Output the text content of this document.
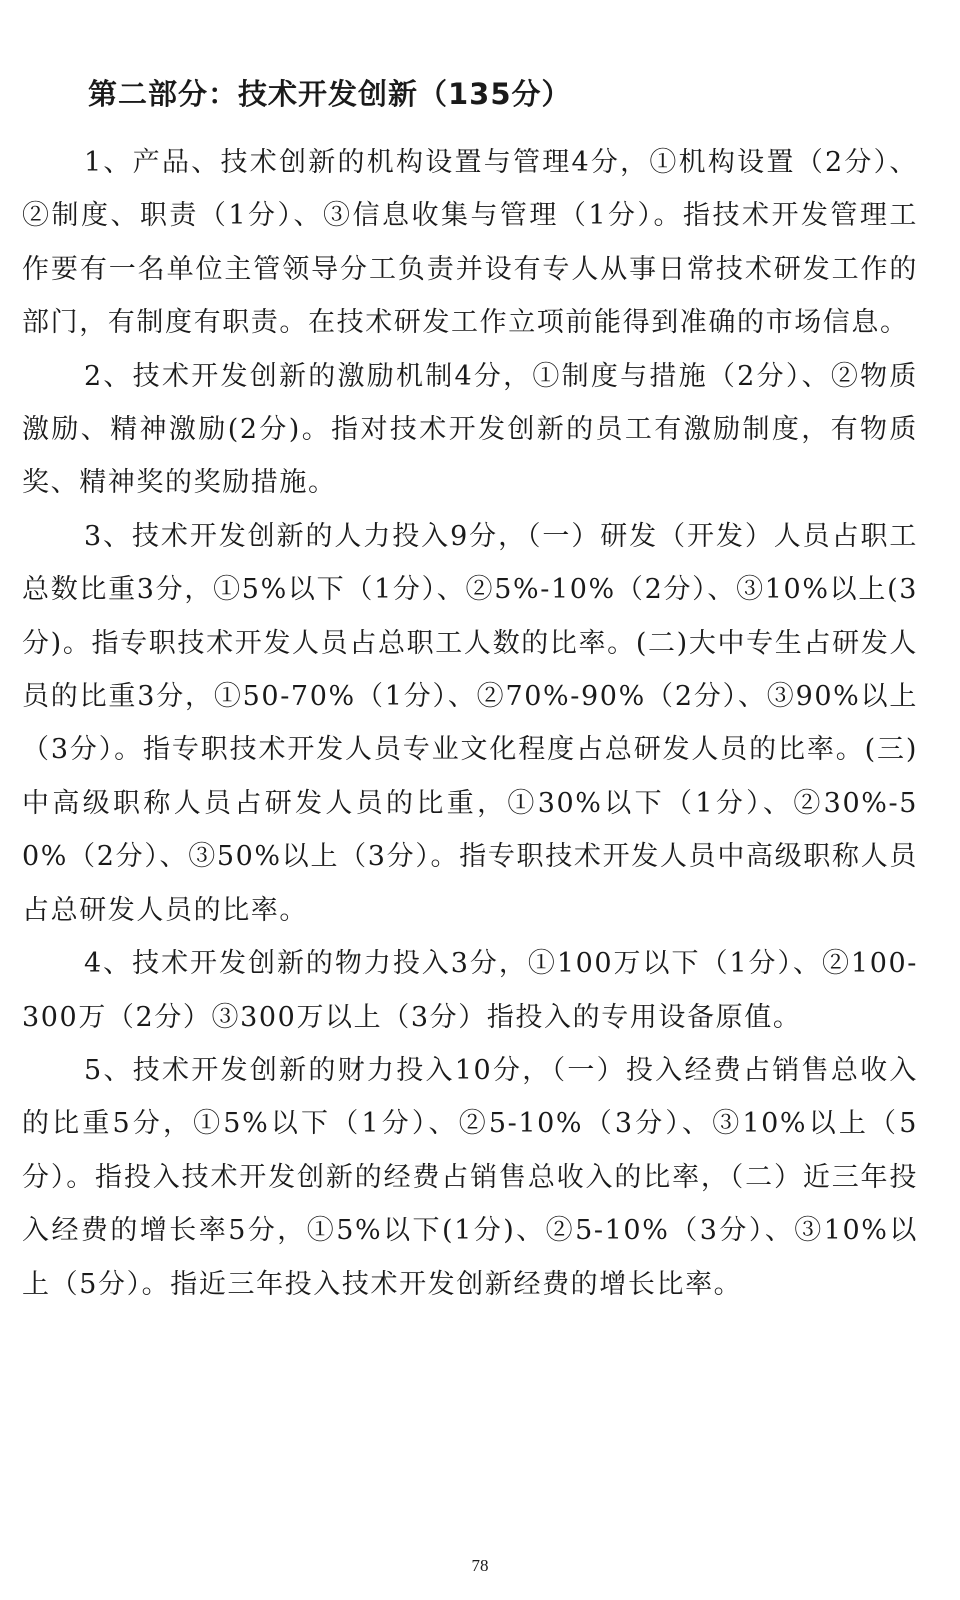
第二部分：技术开发创新（135分）

1、产品、技术创新的机构设置与管理4分，①机构设置（2分）、②制度、职责（1分）、③信息收集与管理（1分）。指技术开发管理工作要有一名单位主管领导分工负责并设有专人从事日常技术研发工作的部门，有制度有职责。在技术研发工作立项前能得到准确的市场信息。

2、技术开发创新的激励机制4分，①制度与措施（2分）、②物质激励、精神激励(2分)。指对技术开发创新的员工有激励制度，有物质奖、精神奖的奖励措施。

3、技术开发创新的人力投入9分，（一）研发（开发）人员占职工总数比重3分，①5%以下（1分）、②5%-10%（2分）、③10%以上(3分)。指专职技术开发人员占总职工人数的比率。(二)大中专生占研发人员的比重3分，①50-70%（1分）、②70%-90%（2分）、③90%以上（3分）。指专职技术开发人员专业文化程度占总研发人员的比率。(三)中高级职称人员占研发人员的比重，①30%以下（1分）、②30%-50%（2分）、③50%以上（3分）。指专职技术开发人员中高级职称人员占总研发人员的比率。

4、技术开发创新的物力投入3分，①100万以下（1分）、②100-300万（2分）③300万以上（3分）指投入的专用设备原值。

5、技术开发创新的财力投入10分，（一）投入经费占销售总收入的比重5分，①5%以下（1分）、②5-10%（3分）、③10%以上（5分）。指投入技术开发创新的经费占销售总收入的比率，（二）近三年投入经费的增长率5分，①5%以下(1分)、②5-10%（3分）、③10%以上（5分）。指近三年投入技术开发创新经费的增长比率。

78
